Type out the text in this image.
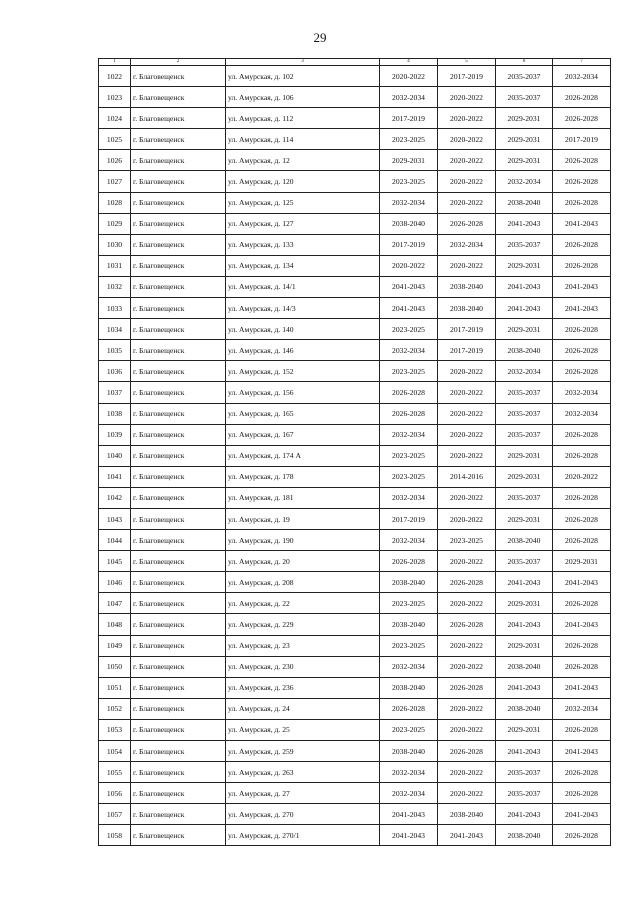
29
1	2	3	4	5	6	7
1022	г. Благовещенск	ул. Амурская, д. 102	2020-2022	2017-2019	2035-2037	2032-2034
1023	г. Благовещенск	ул. Амурская, д. 106	2032-2034	2020-2022	2035-2037	2026-2028
1024	г. Благовещенск	ул. Амурская, д. 112	2017-2019	2020-2022	2029-2031	2026-2028
1025	г. Благовещенск	ул. Амурская, д. 114	2023-2025	2020-2022	2029-2031	2017-2019
1026	г. Благовещенск	ул. Амурская, д. 12	2029-2031	2020-2022	2029-2031	2026-2028
1027	г. Благовещенск	ул. Амурская, д. 120	2023-2025	2020-2022	2032-2034	2026-2028
1028	г. Благовещенск	ул. Амурская, д. 125	2032-2034	2020-2022	2038-2040	2026-2028
1029	г. Благовещенск	ул. Амурская, д. 127	2038-2040	2026-2028	2041-2043	2041-2043
1030	г. Благовещенск	ул. Амурская, д. 133	2017-2019	2032-2034	2035-2037	2026-2028
1031	г. Благовещенск	ул. Амурская, д. 134	2020-2022	2020-2022	2029-2031	2026-2028
1032	г. Благовещенск	ул. Амурская, д. 14/1	2041-2043	2038-2040	2041-2043	2041-2043
1033	г. Благовещенск	ул. Амурская, д. 14/3	2041-2043	2038-2040	2041-2043	2041-2043
1034	г. Благовещенск	ул. Амурская, д. 140	2023-2025	2017-2019	2029-2031	2026-2028
1035	г. Благовещенск	ул. Амурская, д. 146	2032-2034	2017-2019	2038-2040	2026-2028
1036	г. Благовещенск	ул. Амурская, д. 152	2023-2025	2020-2022	2032-2034	2026-2028
1037	г. Благовещенск	ул. Амурская, д. 156	2026-2028	2020-2022	2035-2037	2032-2034
1038	г. Благовещенск	ул. Амурская, д. 165	2026-2028	2020-2022	2035-2037	2032-2034
1039	г. Благовещенск	ул. Амурская, д. 167	2032-2034	2020-2022	2035-2037	2026-2028
1040	г. Благовещенск	ул. Амурская, д. 174 А	2023-2025	2020-2022	2029-2031	2026-2028
1041	г. Благовещенск	ул. Амурская, д. 178	2023-2025	2014-2016	2029-2031	2020-2022
1042	г. Благовещенск	ул. Амурская, д. 181	2032-2034	2020-2022	2035-2037	2026-2028
1043	г. Благовещенск	ул. Амурская, д. 19	2017-2019	2020-2022	2029-2031	2026-2028
1044	г. Благовещенск	ул. Амурская, д. 190	2032-2034	2023-2025	2038-2040	2026-2028
1045	г. Благовещенск	ул. Амурская, д. 20	2026-2028	2020-2022	2035-2037	2029-2031
1046	г. Благовещенск	ул. Амурская, д. 208	2038-2040	2026-2028	2041-2043	2041-2043
1047	г. Благовещенск	ул. Амурская, д. 22	2023-2025	2020-2022	2029-2031	2026-2028
1048	г. Благовещенск	ул. Амурская, д. 229	2038-2040	2026-2028	2041-2043	2041-2043
1049	г. Благовещенск	ул. Амурская, д. 23	2023-2025	2020-2022	2029-2031	2026-2028
1050	г. Благовещенск	ул. Амурская, д. 230	2032-2034	2020-2022	2038-2040	2026-2028
1051	г. Благовещенск	ул. Амурская, д. 236	2038-2040	2026-2028	2041-2043	2041-2043
1052	г. Благовещенск	ул. Амурская, д. 24	2026-2028	2020-2022	2038-2040	2032-2034
1053	г. Благовещенск	ул. Амурская, д. 25	2023-2025	2020-2022	2029-2031	2026-2028
1054	г. Благовещенск	ул. Амурская, д. 259	2038-2040	2026-2028	2041-2043	2041-2043
1055	г. Благовещенск	ул. Амурская, д. 263	2032-2034	2020-2022	2035-2037	2026-2028
1056	г. Благовещенск	ул. Амурская, д. 27	2032-2034	2020-2022	2035-2037	2026-2028
1057	г. Благовещенск	ул. Амурская, д. 270	2041-2043	2038-2040	2041-2043	2041-2043
1058	г. Благовещенск	ул. Амурская, д. 270/1	2041-2043	2041-2043	2038-2040	2026-2028
